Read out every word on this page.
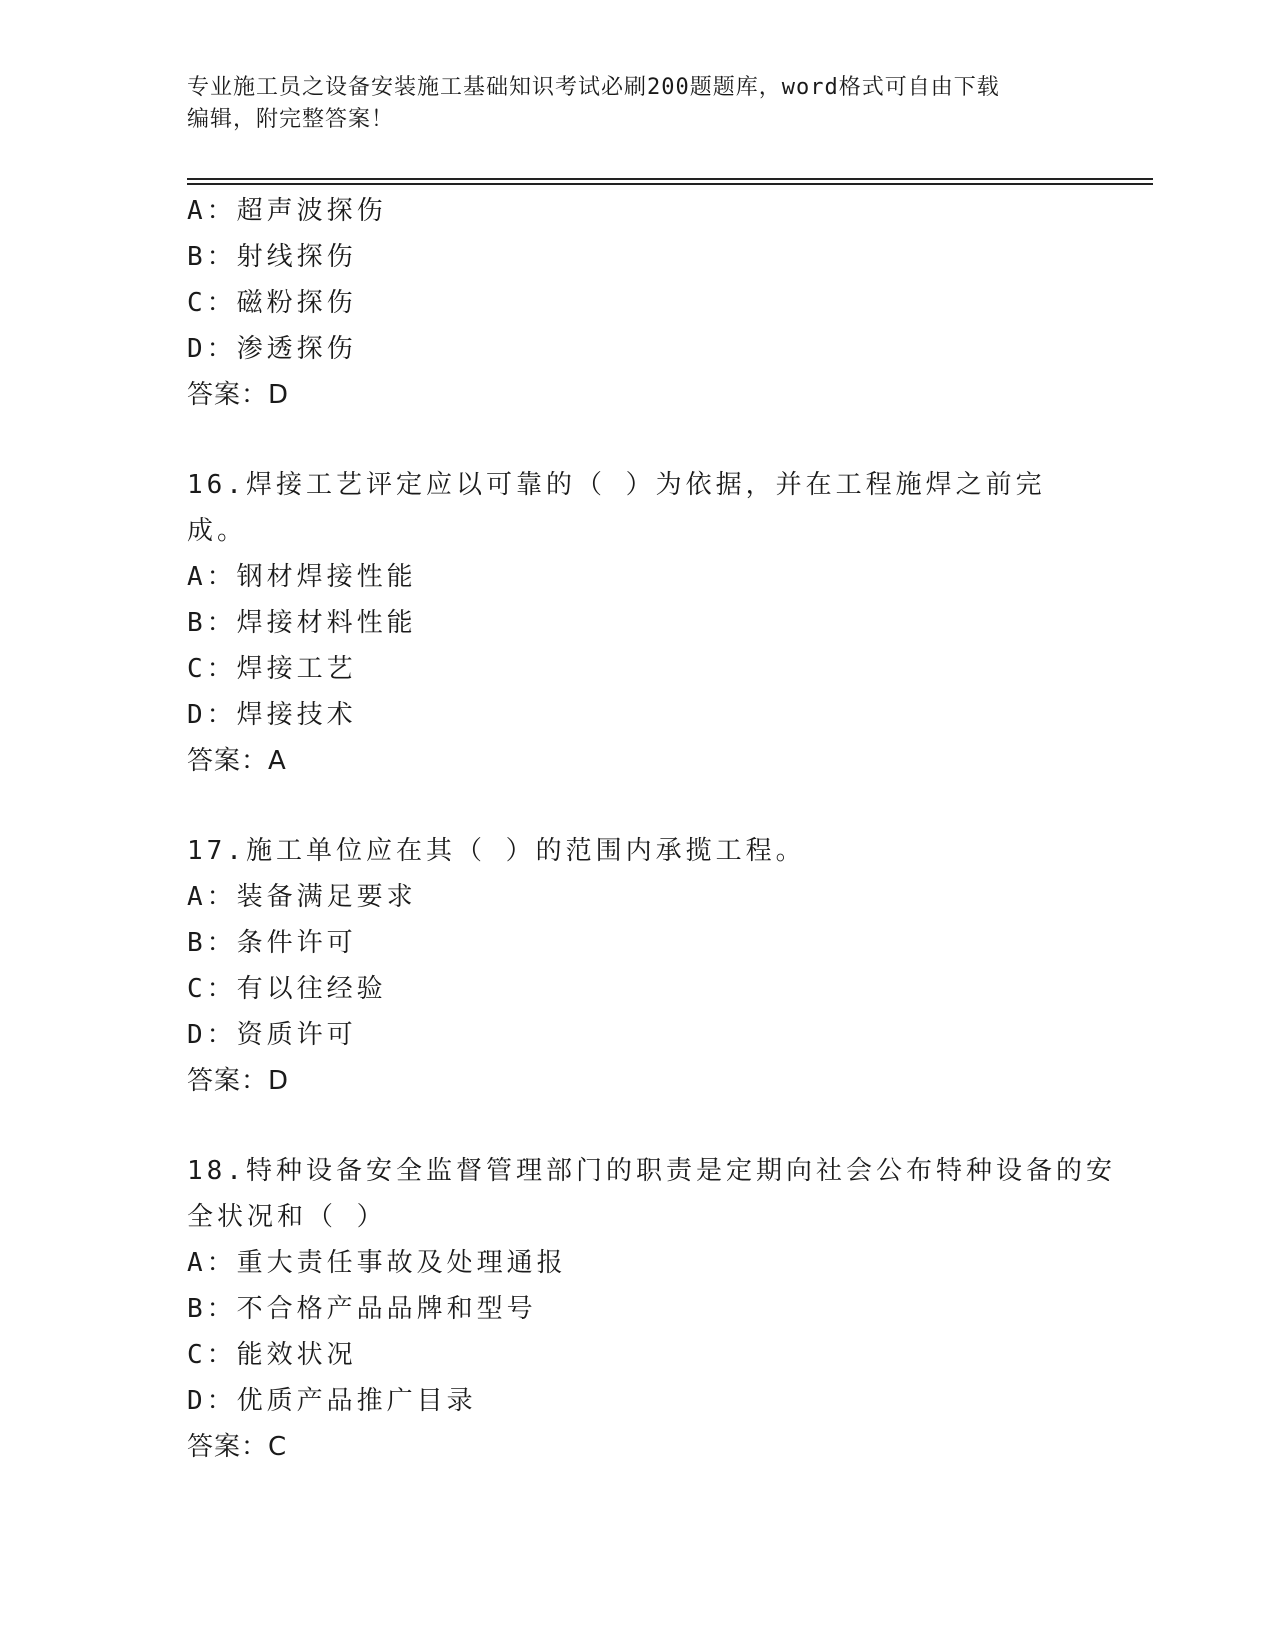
专业施工员之设备安装施工基础知识考试必刷200题题库，word格式可自由下载
编辑，附完整答案！
A：超声波探伤
B：射线探伤
C：磁粉探伤
D：渗透探伤
答案：D
16.焊接工艺评定应以可靠的（ ）为依据，并在工程施焊之前完成。
A：钢材焊接性能
B：焊接材料性能
C：焊接工艺
D：焊接技术
答案：A
17.施工单位应在其（ ）的范围内承揽工程。
A：装备满足要求
B：条件许可
C：有以往经验
D：资质许可
答案：D
18.特种设备安全监督管理部门的职责是定期向社会公布特种设备的安
全状况和（ ）
A：重大责任事故及处理通报
B：不合格产品品牌和型号
C：能效状况
D：优质产品推广目录
答案：C
